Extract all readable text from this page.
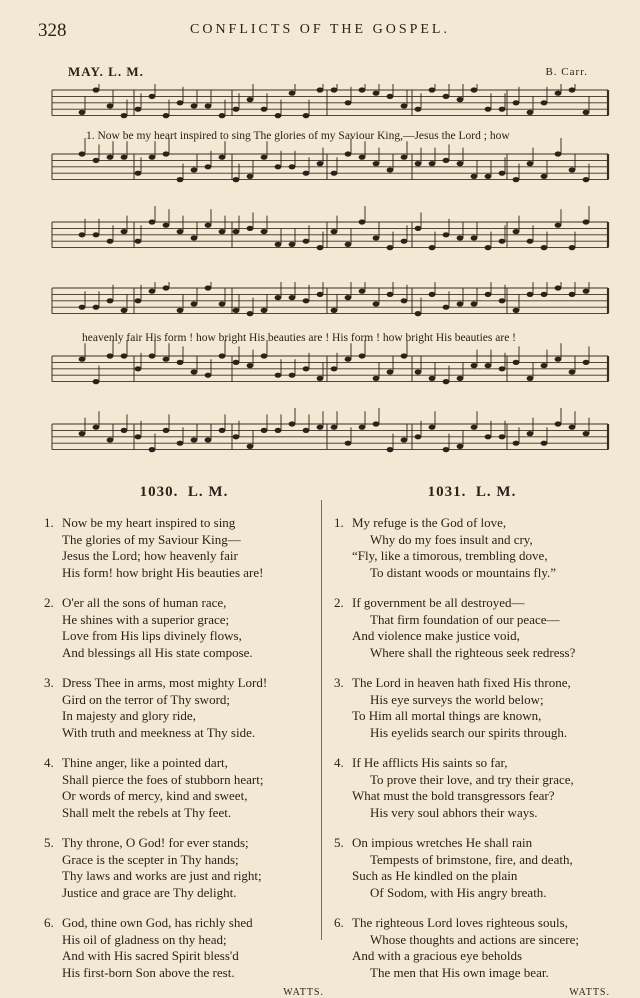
328	CONFLICTS OF THE GOSPEL.
MAY. L. M.	B. Carr.
1. Now be my heart inspired to sing The glories of my Saviour King,—Jesus the Lord ; how
heavenly fair His form ! how bright His beauties are ! His form ! how bright His beauties are !
1030. L. M.
1. Now be my heart inspired to sing
The glories of my Saviour King—
Jesus the Lord; how heavenly fair
His form! how bright His beauties are!
2. O'er all the sons of human race,
He shines with a superior grace;
Love from His lips divinely flows,
And blessings all His state compose.
3. Dress Thee in arms, most mighty Lord!
Gird on the terror of Thy sword;
In majesty and glory ride,
With truth and meekness at Thy side.
4. Thine anger, like a pointed dart,
Shall pierce the foes of stubborn heart;
Or words of mercy, kind and sweet,
Shall melt the rebels at Thy feet.
5. Thy throne, O God! for ever stands;
Grace is the scepter in Thy hands;
Thy laws and works are just and right;
Justice and grace are Thy delight.
6. God, thine own God, has richly shed
His oil of gladness on thy head;
And with His sacred Spirit bless'd
His first-born Son above the rest.
WATTS.
1031. L. M.
1. My refuge is the God of love,
Why do my foes insult and cry,
“Fly, like a timorous, trembling dove,
To distant woods or mountains fly.”
2. If government be all destroyed—
That firm foundation of our peace—
And violence make justice void,
Where shall the righteous seek redress?
3. The Lord in heaven hath fixed His throne,
His eye surveys the world below;
To Him all mortal things are known,
His eyelids search our spirits through.
4. If He afflicts His saints so far,
To prove their love, and try their grace,
What must the bold transgressors fear?
His very soul abhors their ways.
5. On impious wretches He shall rain
Tempests of brimstone, fire, and death,
Such as He kindled on the plain
Of Sodom, with His angry breath.
6. The righteous Lord loves righteous souls,
Whose thoughts and actions are sincere;
And with a gracious eye beholds
The men that His own image bear.
WATTS.
